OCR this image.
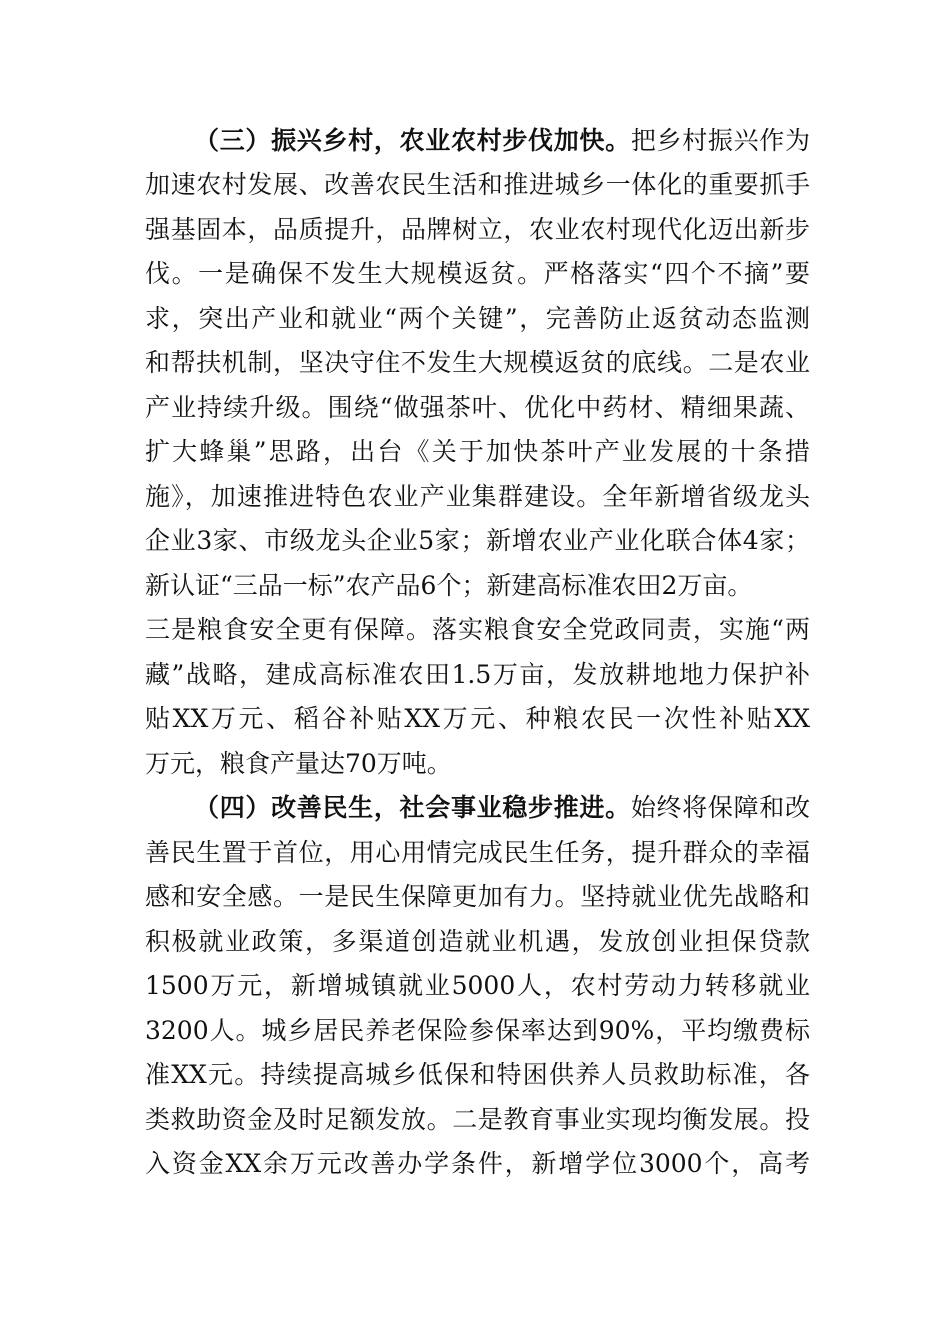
（三）振兴乡村，农业农村步伐加快。把乡村振兴作为
加速农村发展、改善农民生活和推进城乡一体化的重要抓手
强基固本，品质提升，品牌树立，农业农村现代化迈出新步
伐。一是确保不发生大规模返贫。严格落实“四个不摘”要
求，突出产业和就业“两个关键”，完善防止返贫动态监测
和帮扶机制，坚决守住不发生大规模返贫的底线。二是农业
产业持续升级。围绕“做强茶叶、优化中药材、精细果蔬、
扩大蜂巢”思路，出台《关于加快茶叶产业发展的十条措
施》，加速推进特色农业产业集群建设。全年新增省级龙头
企业3家、市级龙头企业5家；新增农业产业化联合体4家；
新认证“三品一标”农产品6个；新建高标准农田2万亩。
三是粮食安全更有保障。落实粮食安全党政同责，实施“两
藏”战略，建成高标准农田1.5万亩，发放耕地地力保护补
贴XX万元、稻谷补贴XX万元、种粮农民一次性补贴XX
万元，粮食产量达70万吨。
（四）改善民生，社会事业稳步推进。始终将保障和改
善民生置于首位，用心用情完成民生任务，提升群众的幸福
感和安全感。一是民生保障更加有力。坚持就业优先战略和
积极就业政策，多渠道创造就业机遇，发放创业担保贷款
1500万元，新增城镇就业5000人，农村劳动力转移就业
3200人。城乡居民养老保险参保率达到90%，平均缴费标
准XX元。持续提高城乡低保和特困供养人员救助标准，各
类救助资金及时足额发放。二是教育事业实现均衡发展。投
入资金XX余万元改善办学条件，新增学位3000个，高考
